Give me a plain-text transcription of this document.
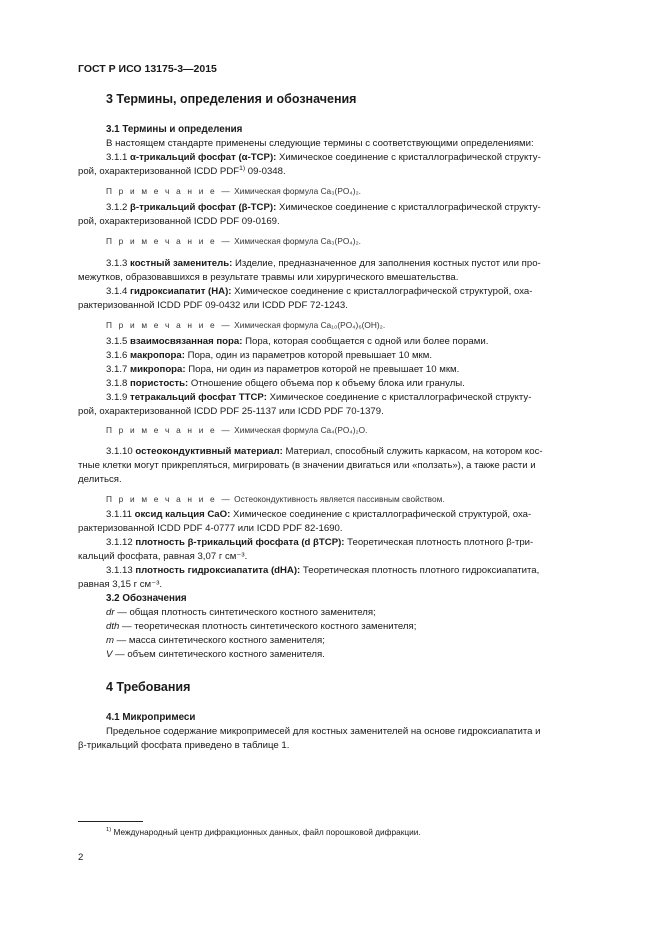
ГОСТ Р ИСО 13175-3—2015
3 Термины, определения и обозначения
3.1 Термины и определения
В настоящем стандарте применены следующие термины с соответствующими определениями:
3.1.1 α-трикальций фосфат (α-TCP): Химическое соединение с кристаллографической структу-
рой, охарактеризованной ICDD PDF$^{1)}$ 09-0348.
П р и м е ч а н и е — Химическая формула Ca₃(PO₄)₂.
3.1.2 β-трикальций фосфат (β-TCP): Химическое соединение с кристаллографической структу-
рой, охарактеризованной ICDD PDF 09-0169.
П р и м е ч а н и е — Химическая формула Ca₃(PO₄)₂.
3.1.3 костный заменитель: Изделие, предназначенное для заполнения костных пустот или про-
межутков, образовавшихся в результате травмы или хирургического вмешательства.
3.1.4 гидроксиапатит (HA): Химическое соединение с кристаллографической структурой, оха-
рактеризованной ICDD PDF 09-0432 или ICDD PDF 72-1243.
П р и м е ч а н и е — Химическая формула Ca₁₀(PO₄)₆(OH)₂.
3.1.5 взаимосвязанная пора: Пора, которая сообщается с одной или более порами.
3.1.6 макропора: Пора, один из параметров которой превышает 10 мкм.
3.1.7 микропора: Пора, ни один из параметров которой не превышает 10 мкм.
3.1.8 пористость: Отношение общего объема пор к объему блока или гранулы.
3.1.9 тетракальций фосфат TTCP: Химическое соединение с кристаллографической структу-
рой, охарактеризованной ICDD PDF 25-1137 или ICDD PDF 70-1379.
П р и м е ч а н и е — Химическая формула Ca₄(PO₄)₂O.
3.1.10 остеокондуктивный материал: Материал, способный служить каркасом, на котором кос-
тные клетки могут прикрепляться, мигрировать (в значении двигаться или «ползать»), а также расти и
делиться.
П р и м е ч а н и е — Остеокондуктивность является пассивным свойством.
3.1.11 оксид кальция CaO: Химическое соединение с кристаллографической структурой, оха-
рактеризованной ICDD PDF 4-0777 или ICDD PDF 82-1690.
3.1.12 плотность β-трикальций фосфата (d βTCP): Теоретическая плотность плотного β-три-
кальций фосфата, равная 3,07 г см⁻³.
3.1.13 плотность гидроксиапатита (dHA): Теоретическая плотность плотного гидроксиапатита,
равная 3,15 г см⁻³.
3.2 Обозначения
dr — общая плотность синтетического костного заменителя;
dth — теоретическая плотность синтетического костного заменителя;
m — масса синтетического костного заменителя;
V — объем синтетического костного заменителя.
4 Требования
4.1 Микропримеси
Предельное содержание микропримесей для костных заменителей на основе гидроксиапатита и
β-трикальций фосфата приведено в таблице 1.
$^{1)}$ Международный центр дифракционных данных, файл порошковой дифракции.
2
